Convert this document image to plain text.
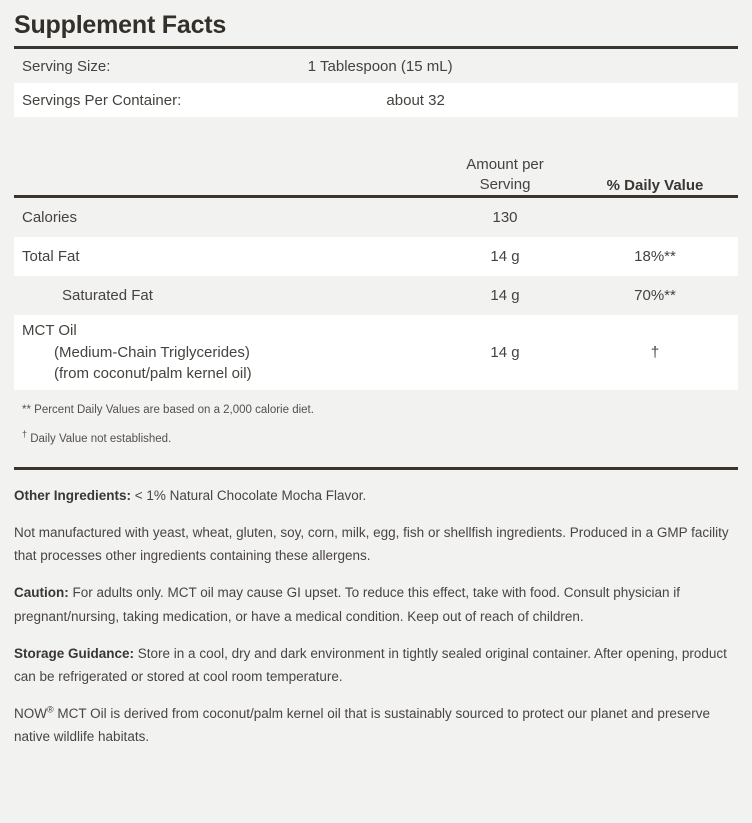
Supplement Facts
Serving Size:	1 Tablespoon (15 mL)
Servings Per Container:	about 32
Amount per
Serving	% Daily Value
Calories	130
Total Fat	14 g	18%**
Saturated Fat	14 g	70%**
MCT Oil
(Medium-Chain Triglycerides)
(from coconut/palm kernel oil)
14 g	†
** Percent Daily Values are based on a 2,000 calorie diet.
† Daily Value not established.

Other Ingredients: < 1% Natural Chocolate Mocha Flavor.

Not manufactured with yeast, wheat, gluten, soy, corn, milk, egg, fish or shellfish ingredients. Produced in a GMP facility that processes other ingredients containing these allergens.

Caution: For adults only. MCT oil may cause GI upset. To reduce this effect, take with food. Consult physician if pregnant/nursing, taking medication, or have a medical condition. Keep out of reach of children.

Storage Guidance: Store in a cool, dry and dark environment in tightly sealed original container. After opening, product can be refrigerated or stored at cool room temperature.

NOW® MCT Oil is derived from coconut/palm kernel oil that is sustainably sourced to protect our planet and preserve native wildlife habitats.
